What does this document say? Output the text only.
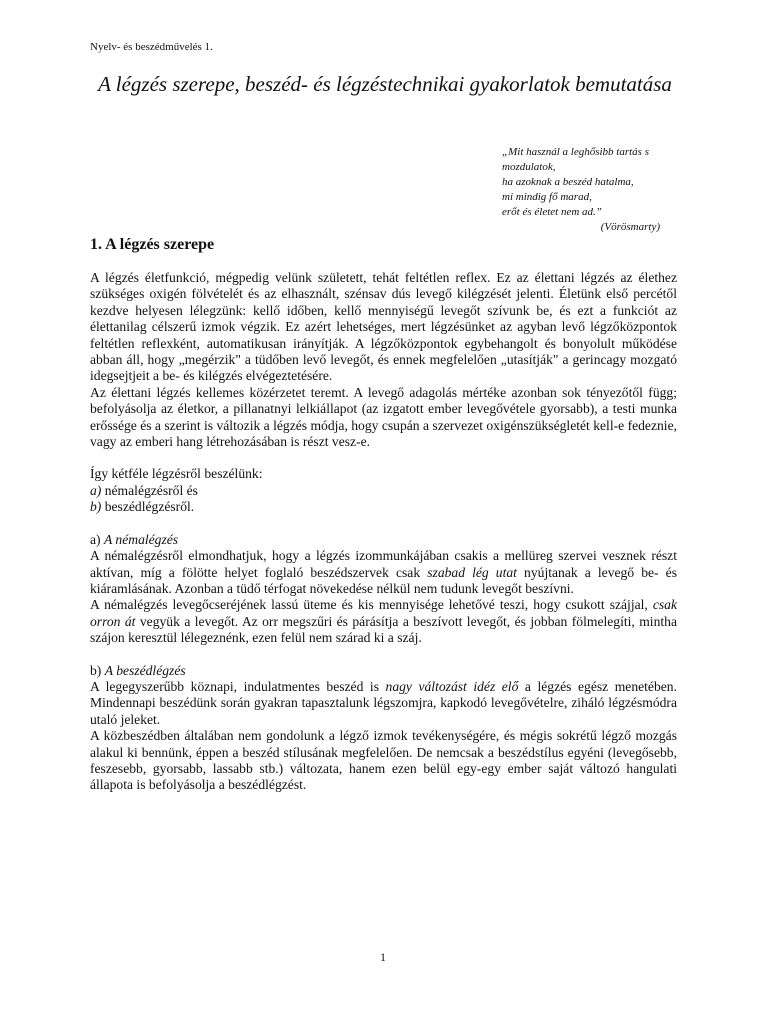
Nyelv- és beszédművelés 1.
A légzés szerepe, beszéd- és légzéstechnikai gyakorlatok bemutatása
„Mit használ a leghősibb tartás s
mozdulatok,
ha azoknak a beszéd hatalma,
mi mindig fő marad,
erőt és életet nem ad.”
(Vörösmarty)
1. A légzés szerepe

A légzés életfunkció, mégpedig velünk született, tehát feltétlen reflex. Ez az élettani légzés az élethez szükséges oxigén fölvételét és az elhasznált, szénsav dús levegő kilégzését jelenti. Életünk első percétől kezdve helyesen lélegzünk: kellő időben, kellő mennyiségű levegőt szívunk be, és ezt a funkciót az élettanilag célszerű izmok végzik. Ez azért lehetséges, mert légzésünket az agyban levő légzőközpontok feltétlen reflexként, automatikusan irányítják. A légzőközpontok egybehangolt és bonyolult működése abban áll, hogy „megérzik" a tüdőben levő levegőt, és ennek megfelelően „utasítják" a gerincagy mozgató idegsejtjeit a be- és kilégzés elvégeztetésére.

Az élettani légzés kellemes közérzetet teremt. A levegő adagolás mértéke azonban sok tényezőtől függ; befolyásolja az életkor, a pillanatnyi lelkiállapot (az izgatott ember levegővétele gyorsabb), a testi munka erőssége és a szerint is változik a légzés módja, hogy csupán a szervezet oxigénszükségletét kell-e fedeznie, vagy az emberi hang létrehozásában is részt vesz-e.

Így kétféle légzésről beszélünk:

a) némalégzésről és

b) beszédlégzésről.

a) A némalégzés

A némalégzésről elmondhatjuk, hogy a légzés izommunkájában csakis a mellüreg szervei vesznek részt aktívan, míg a fölötte helyet foglaló beszédszervek csak szabad lég utat nyújtanak a levegő be- és kiáramlásának. Azonban a tüdő térfogat növekedése nélkül nem tudunk levegőt beszívni.

A némalégzés levegőcseréjének lassú üteme és kis mennyisége lehetővé teszi, hogy csukott szájjal, csak orron át vegyük a levegőt. Az orr megszűri és párásítja a beszívott levegőt, és jobban fölmelegíti, mintha szájon keresztül lélegeznénk, ezen felül nem szárad ki a száj.

b) A beszédlégzés

A legegyszerűbb köznapi, indulatmentes beszéd is nagy változást idéz elő a légzés egész menetében. Mindennapi beszédünk során gyakran tapasztalunk légszomjra, kapkodó levegővételre, ziháló légzésmódra utaló jeleket.

A közbeszédben általában nem gondolunk a légző izmok tevékenységére, és mégis sokrétű légző mozgás alakul ki bennünk, éppen a beszéd stílusának megfelelően. De nemcsak a beszédstílus egyéni (levegősebb, feszesebb, gyorsabb, lassabb stb.) változata, hanem ezen belül egy-egy ember saját változó hangulati állapota is befolyásolja a beszédlégzést.

1
